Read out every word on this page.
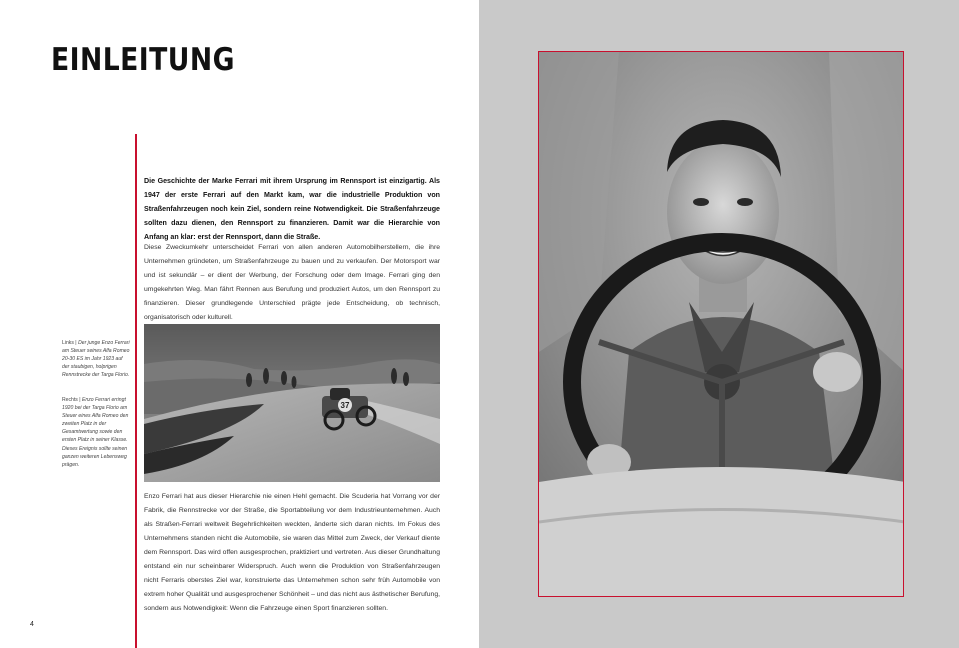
EINLEITUNG

Die Geschichte der Marke Ferrari mit ihrem Ursprung im Rennsport ist einzigartig. Als 1947 der erste Ferrari auf den Markt kam, war die industrielle Produktion von Straßenfahrzeugen noch kein Ziel, sondern reine Notwendigkeit. Die Straßenfahrzeuge sollten dazu dienen, den Rennsport zu finanzieren. Damit war die Hierarchie von Anfang an klar: erst der Rennsport, dann die Straße.

Diese Zweckumkehr unterscheidet Ferrari von allen anderen Automobilherstellern, die ihre Unternehmen gründeten, um Straßenfahrzeuge zu bauen und zu verkaufen. Der Motorsport war und ist sekundär – er dient der Werbung, der Forschung oder dem Image. Ferrari ging den umgekehrten Weg. Man fährt Rennen aus Berufung und produziert Autos, um den Rennsport zu finanzieren. Dieser grundlegende Unterschied prägte jede Entscheidung, ob technisch, organisatorisch oder kulturell.

Links | Der junge Enzo Ferrari am Steuer seines Alfa Romeo 20-30 ES im Jahr 1923 auf der staubigen, holprigen Rennstrecke der Targa Florio.

Rechts | Enzo Ferrari erringt 1920 bei der Targa Florio am Steuer eines Alfa Romeo den zweiten Platz in der Gesamtwertung sowie den ersten Platz in seiner Klasse. Dieses Ereignis sollte seinen ganzen weiteren Lebensweg prägen.

37

Enzo Ferrari hat aus dieser Hierarchie nie einen Hehl gemacht. Die Scuderia hat Vorrang vor der Fabrik, die Rennstrecke vor der Straße, die Sportabteilung vor dem Industrieunternehmen. Auch als Straßen-Ferrari weltweit Begehrlichkeiten weckten, änderte sich daran nichts. Im Fokus des Unternehmens standen nicht die Automobile, sie waren das Mittel zum Zweck, der Verkauf diente dem Rennsport. Das wird offen ausgesprochen, praktiziert und vertreten. Aus dieser Grundhaltung entstand ein nur scheinbarer Widerspruch. Auch wenn die Produktion von Straßenfahrzeugen nicht Ferraris oberstes Ziel war, konstruierte das Unternehmen schon sehr früh Automobile von extrem hoher Qualität und ausgesprochener Schönheit – und das nicht aus ästhetischer Berufung, sondern aus Notwendigkeit: Wenn die Fahrzeuge einen Sport finanzieren sollten.

4
